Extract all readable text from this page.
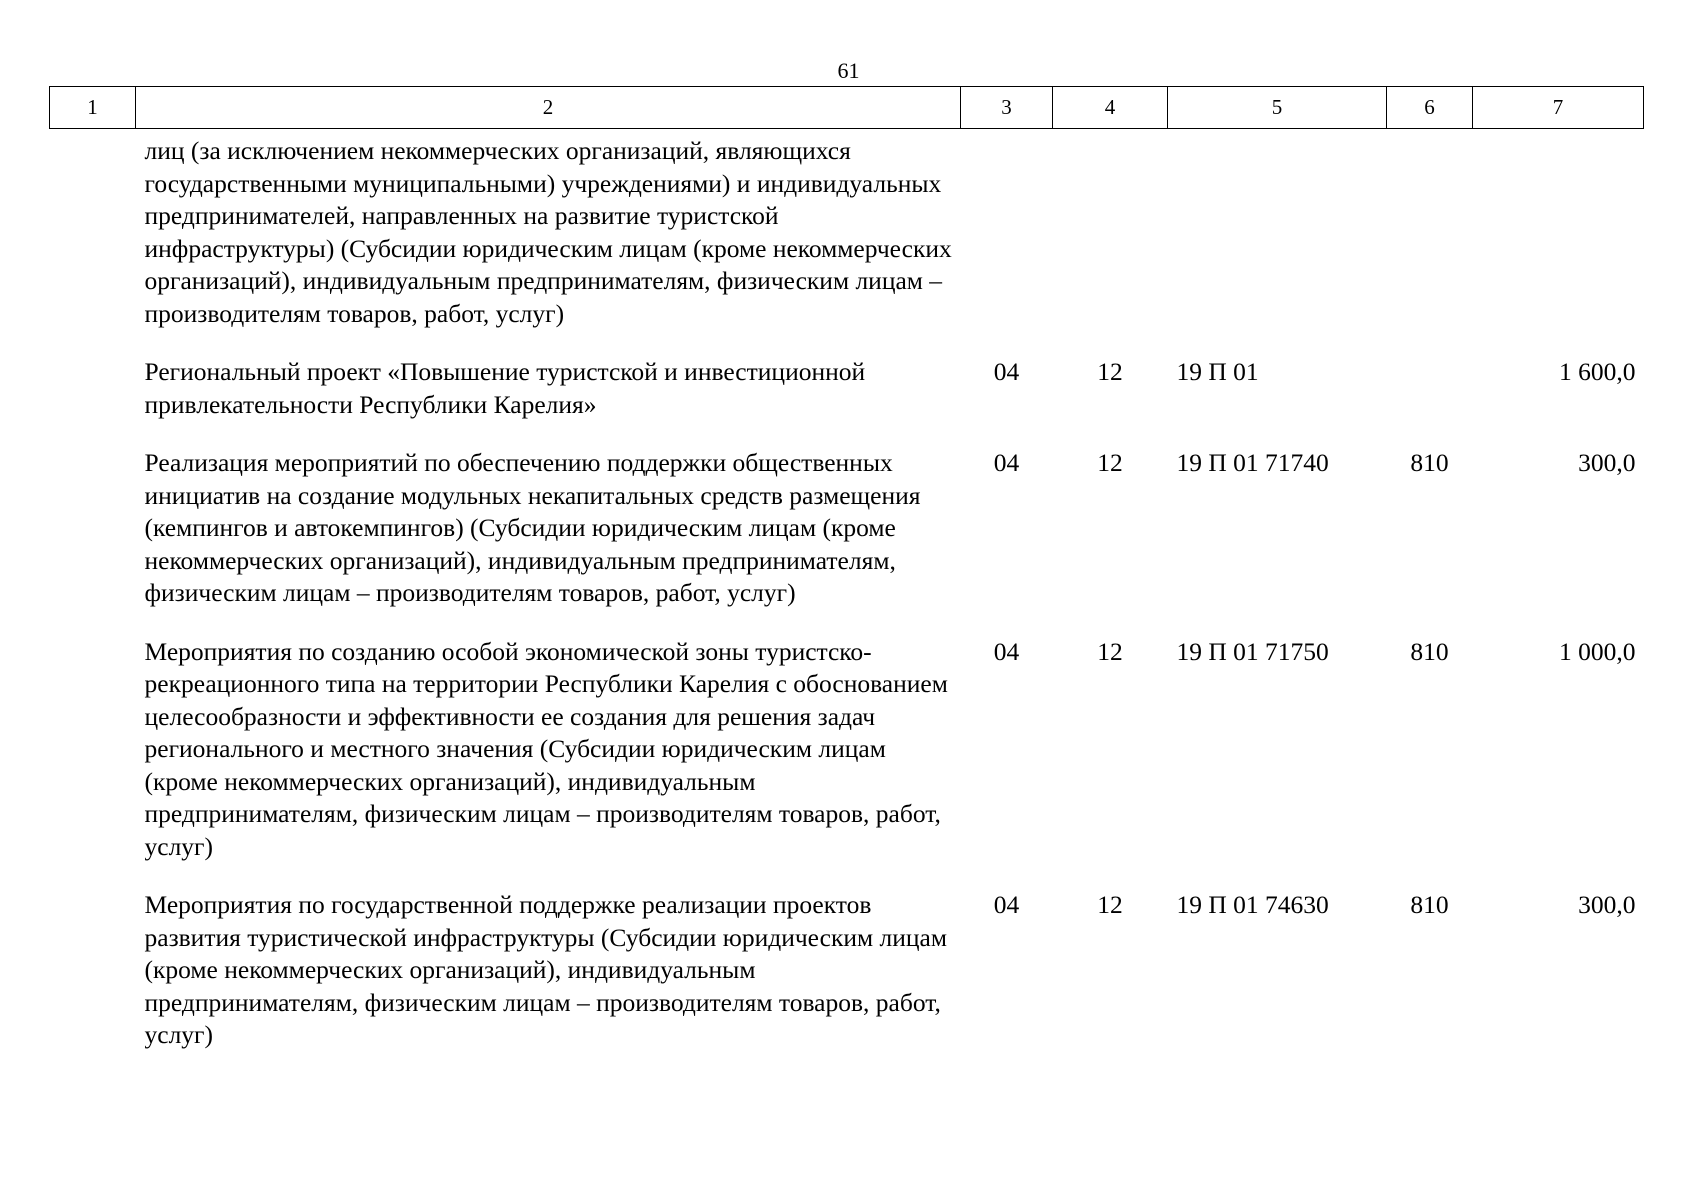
61
1	2	3	4	5	6	7
	лиц (за исключением некоммерческих организаций, являющихся государственными муниципальными) учреждениями) и индивидуальных предпринимателей, направленных на развитие туристской инфраструктуры) (Субсидии юридическим лицам (кроме некоммерческих организаций), индивидуальным предпринимателям, физическим лицам – производителям товаров, работ, услуг)					
	Региональный проект «Повышение туристской и инвестиционной привлекательности Республики Карелия»	04	12	19 П 01		1 600,0
	Реализация мероприятий по обеспечению поддержки общественных инициатив на создание модульных некапитальных средств размещения (кемпингов и автокемпингов) (Субсидии юридическим лицам (кроме некоммерческих организаций), индивидуальным предпринимателям, физическим лицам – производителям товаров, работ, услуг)	04	12	19 П 01 71740	810	300,0
	Мероприятия по созданию особой экономической зоны туристско-рекреационного типа на территории Республики Карелия с обоснованием целесообразности и эффективности ее создания для решения задач регионального и местного значения (Субсидии юридическим лицам (кроме некоммерческих организаций), индивидуальным предпринимателям, физическим лицам – производителям товаров, работ, услуг)	04	12	19 П 01 71750	810	1 000,0
	Мероприятия по государственной поддержке реализации проектов развития туристической инфраструктуры (Субсидии юридическим лицам (кроме некоммерческих организаций), индивидуальным предпринимателям, физическим лицам – производителям товаров, работ, услуг)	04	12	19 П 01 74630	810	300,0
